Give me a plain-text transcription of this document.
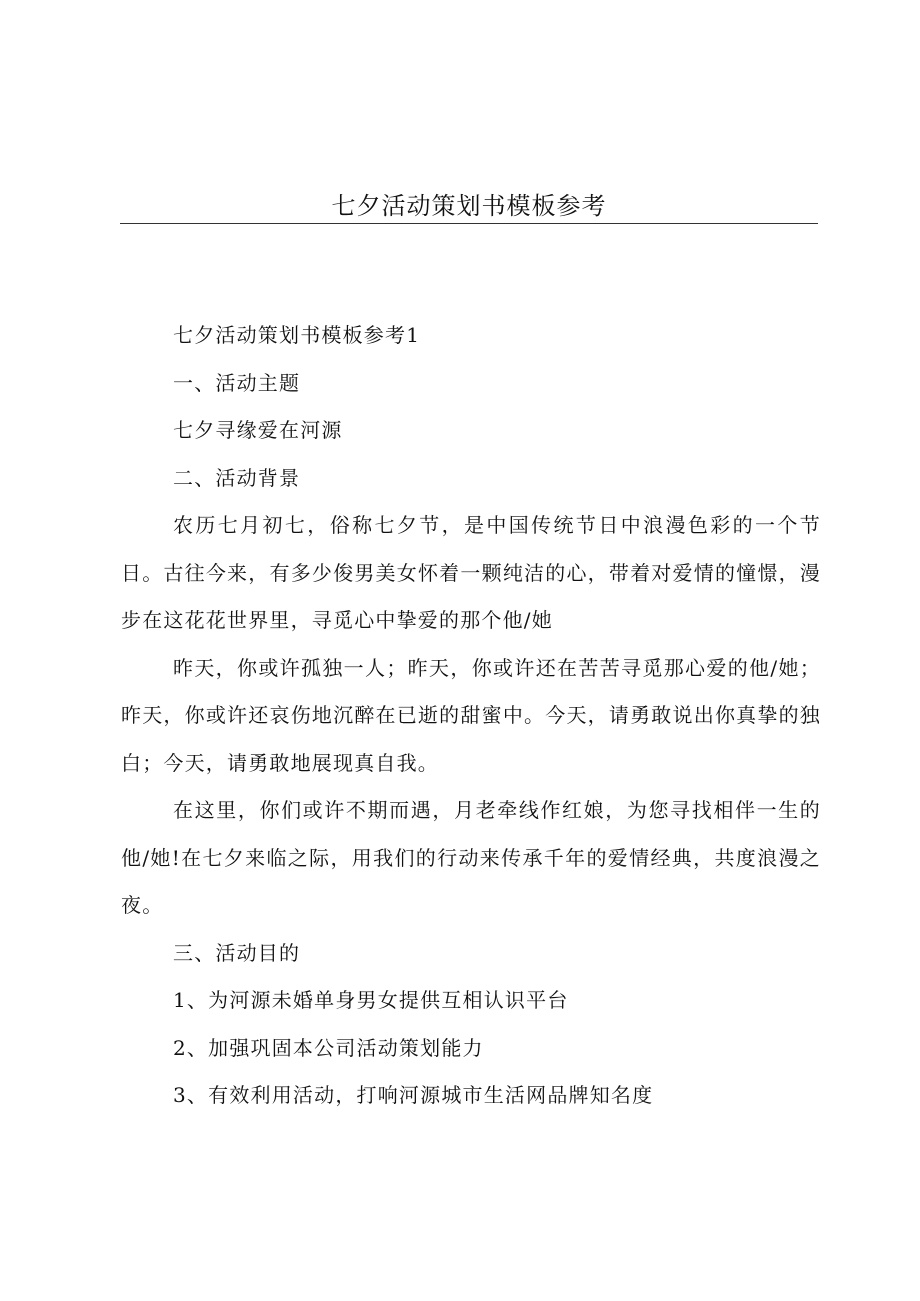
七夕活动策划书模板参考

七夕活动策划书模板参考1

一、活动主题

七夕寻缘爱在河源

二、活动背景

农历七月初七，俗称七夕节，是中国传统节日中浪漫色彩的一个节日。古往今来，有多少俊男美女怀着一颗纯洁的心，带着对爱情的憧憬，漫步在这花花世界里，寻觅心中挚爱的那个他/她

昨天，你或许孤独一人；昨天，你或许还在苦苦寻觅那心爱的他/她；昨天，你或许还哀伤地沉醉在已逝的甜蜜中。今天，请勇敢说出你真挚的独白；今天，请勇敢地展现真自我。

在这里，你们或许不期而遇，月老牵线作红娘，为您寻找相伴一生的他/她!在七夕来临之际，用我们的行动来传承千年的爱情经典，共度浪漫之夜。

三、活动目的

1、为河源未婚单身男女提供互相认识平台

2、加强巩固本公司活动策划能力

3、有效利用活动，打响河源城市生活网品牌知名度
